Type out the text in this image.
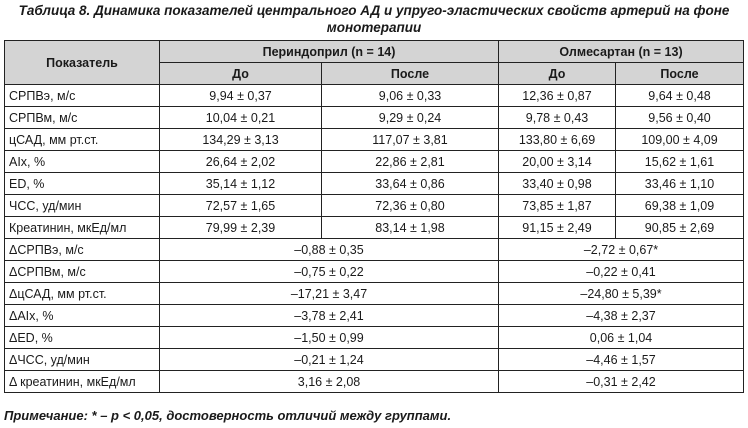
Таблица 8. Динамика показателей центрального АД и упруго-эластических свойств артерий на фоне
монотерапии
Показатель	Периндоприл (n = 14)		Олмесартан (n = 13)	
	До	После	До	После
СРПВэ, м/с	9,94 ± 0,37	9,06 ± 0,33	12,36 ± 0,87	9,64 ± 0,48
СРПВм, м/с	10,04 ± 0,21	9,29 ± 0,24	9,78 ± 0,43	9,56 ± 0,40
цСАД, мм рт.ст.	134,29 ± 3,13	117,07 ± 3,81	133,80 ± 6,69	109,00 ± 4,09
AIx, %	26,64 ± 2,02	22,86 ± 2,81	20,00 ± 3,14	15,62 ± 1,61
ED, %	35,14 ± 1,12	33,64 ± 0,86	33,40 ± 0,98	33,46 ± 1,10
ЧСС, уд/мин	72,57 ± 1,65	72,36 ± 0,80	73,85 ± 1,87	69,38 ± 1,09
Креатинин, мкЕд/мл	79,99 ± 2,39	83,14 ± 1,98	91,15 ± 2,49	90,85 ± 2,69
ΔСРПВэ, м/с	–0,88 ± 0,35		–2,72 ± 0,67*	
ΔСРПВм, м/с	–0,75 ± 0,22		–0,22 ± 0,41	
ΔцСАД, мм рт.ст.	–17,21 ± 3,47		–24,80 ± 5,39*	
ΔAIx, %	–3,78 ± 2,41		–4,38 ± 2,37	
ΔED, %	–1,50 ± 0,99		0,06 ± 1,04	
ΔЧСС, уд/мин	–0,21 ± 1,24		–4,46 ± 1,57	
Δ креатинин, мкЕд/мл	3,16 ± 2,08		–0,31 ± 2,42	
Примечание: * – p < 0,05, достоверность отличий между группами.
